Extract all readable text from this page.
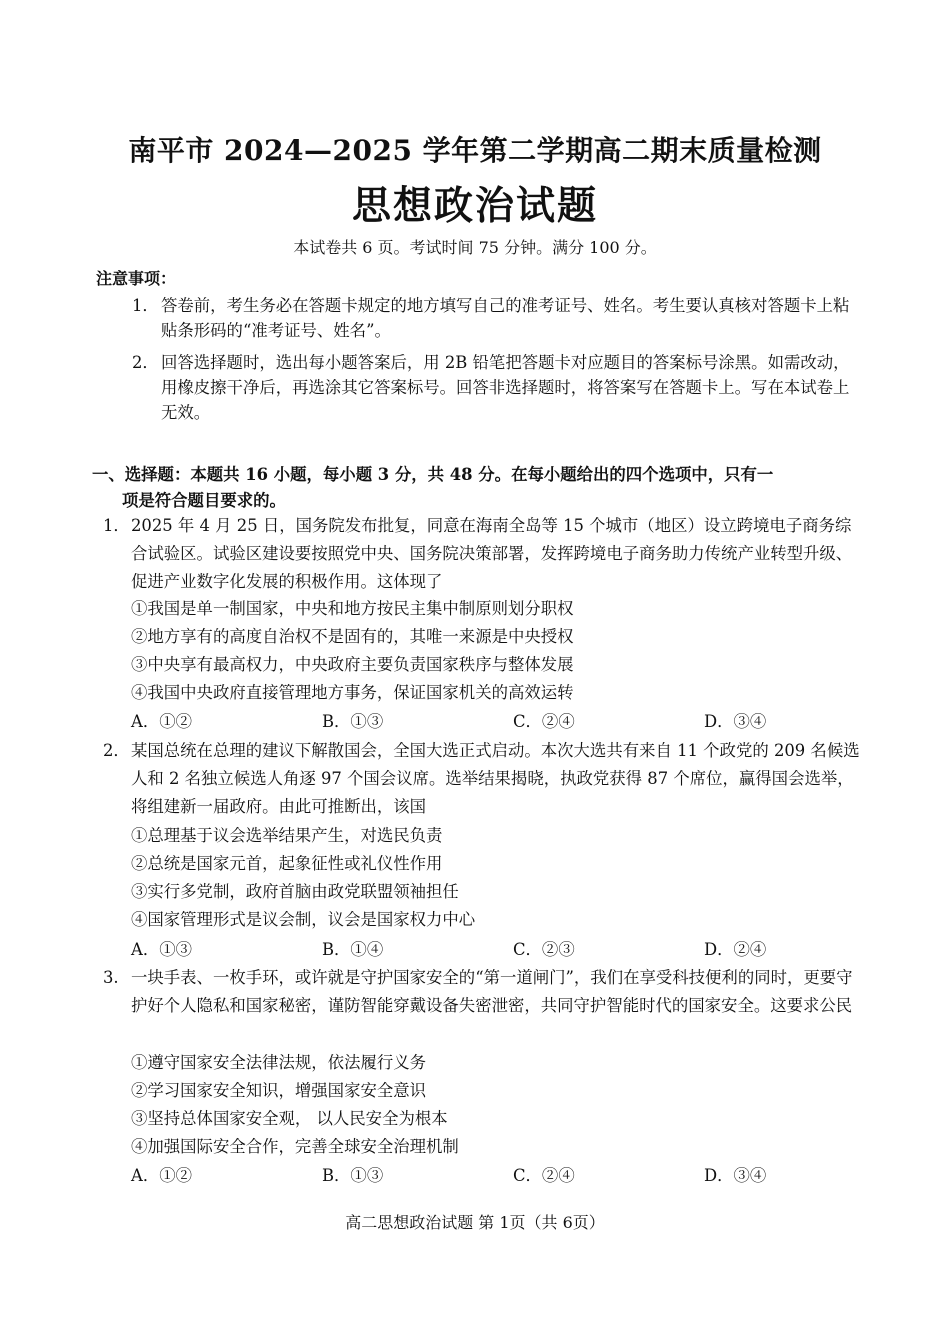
南平市 2024—2025 学年第二学期高二期末质量检测
思想政治试题
本试卷共 6 页。考试时间 75 分钟。满分 100 分。
注意事项：
1． 答卷前，考生务必在答题卡规定的地方填写自己的准考证号、姓名。考生要认真核对答题卡上粘贴条形码的“准考证号、姓名”。
2． 回答选择题时，选出每小题答案后，用 2B 铅笔把答题卡对应题目的答案标号涂黑。如需改动，用橡皮擦干净后，再选涂其它答案标号。回答非选择题时，将答案写在答题卡上。写在本试卷上无效。
一、选择题：本题共 16 小题，每小题 3 分，共 48 分。在每小题给出的四个选项中，只有一
项是符合题目要求的。
1． 2025 年 4 月 25 日，国务院发布批复，同意在海南全岛等 15 个城市（地区）设立跨境电子商务综合试验区。试验区建设要按照党中央、国务院决策部署，发挥跨境电子商务助力传统产业转型升级、促进产业数字化发展的积极作用。这体现了
①我国是单一制国家，中央和地方按民主集中制原则划分职权
②地方享有的高度自治权不是固有的，其唯一来源是中央授权
③中央享有最高权力，中央政府主要负责国家秩序与整体发展
④我国中央政府直接管理地方事务，保证国家机关的高效运转
A．①②	B．①③	C．②④	D．③④
2． 某国总统在总理的建议下解散国会，全国大选正式启动。本次大选共有来自 11 个政党的 209 名候选人和 2 名独立候选人角逐 97 个国会议席。选举结果揭晓，执政党获得 87 个席位，赢得国会选举，将组建新一届政府。由此可推断出，该国
①总理基于议会选举结果产生，对选民负责
②总统是国家元首，起象征性或礼仪性作用
③实行多党制，政府首脑由政党联盟领袖担任
④国家管理形式是议会制，议会是国家权力中心
A．①③	B．①④	C．②③	D．②④
3. 一块手表、一枚手环，或许就是守护国家安全的“第一道闸门”，我们在享受科技便利的同时，更要守护好个人隐私和国家秘密，谨防智能穿戴设备失密泄密，共同守护智能时代的国家安全。这要求公民
①遵守国家安全法律法规，依法履行义务
②学习国家安全知识，增强国家安全意识
③坚持总体国家安全观， 以人民安全为根本
④加强国际安全合作，完善全球安全治理机制
A．①②	B．①③	C．②④	D．③④
高二思想政治试题 第 1页（共 6页）
